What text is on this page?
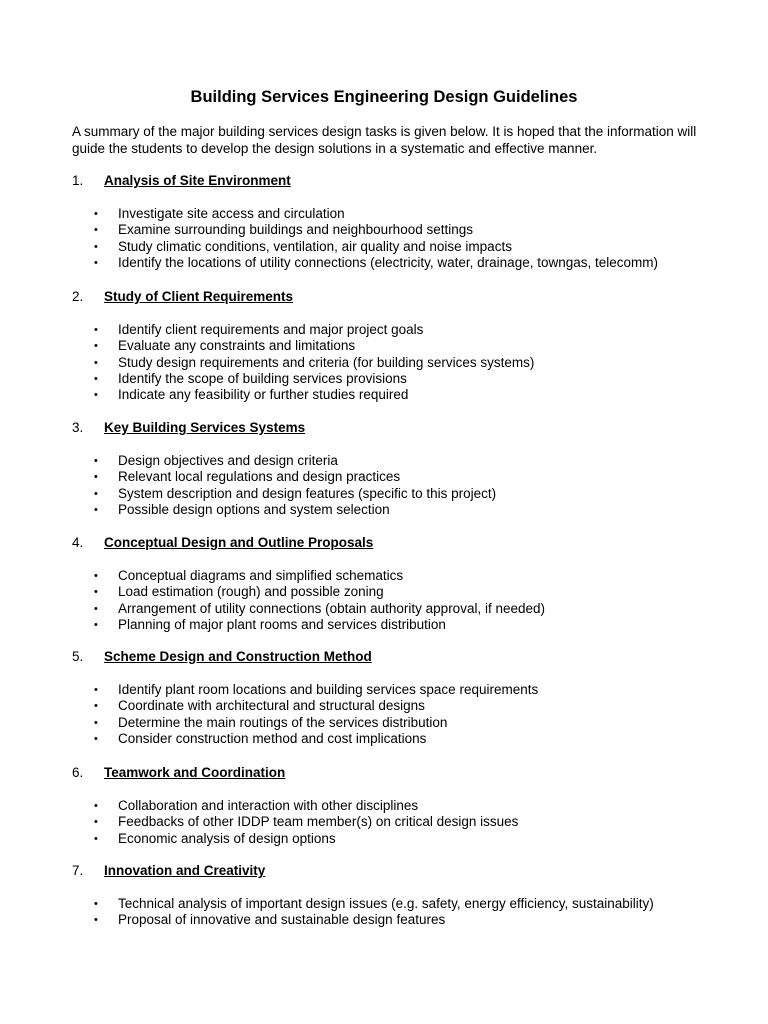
Building Services Engineering Design Guidelines
A summary of the major building services design tasks is given below. It is hoped that the information will guide the students to develop the design solutions in a systematic and effective manner.
1. Analysis of Site Environment
• Investigate site access and circulation
• Examine surrounding buildings and neighbourhood settings
• Study climatic conditions, ventilation, air quality and noise impacts
• Identify the locations of utility connections (electricity, water, drainage, towngas, telecomm)
2. Study of Client Requirements
• Identify client requirements and major project goals
• Evaluate any constraints and limitations
• Study design requirements and criteria (for building services systems)
• Identify the scope of building services provisions
• Indicate any feasibility or further studies required
3. Key Building Services Systems
• Design objectives and design criteria
• Relevant local regulations and design practices
• System description and design features (specific to this project)
• Possible design options and system selection
4. Conceptual Design and Outline Proposals
• Conceptual diagrams and simplified schematics
• Load estimation (rough) and possible zoning
• Arrangement of utility connections (obtain authority approval, if needed)
• Planning of major plant rooms and services distribution
5. Scheme Design and Construction Method
• Identify plant room locations and building services space requirements
• Coordinate with architectural and structural designs
• Determine the main routings of the services distribution
• Consider construction method and cost implications
6. Teamwork and Coordination
• Collaboration and interaction with other disciplines
• Feedbacks of other IDDP team member(s) on critical design issues
• Economic analysis of design options
7. Innovation and Creativity
• Technical analysis of important design issues (e.g. safety, energy efficiency, sustainability)
• Proposal of innovative and sustainable design features
